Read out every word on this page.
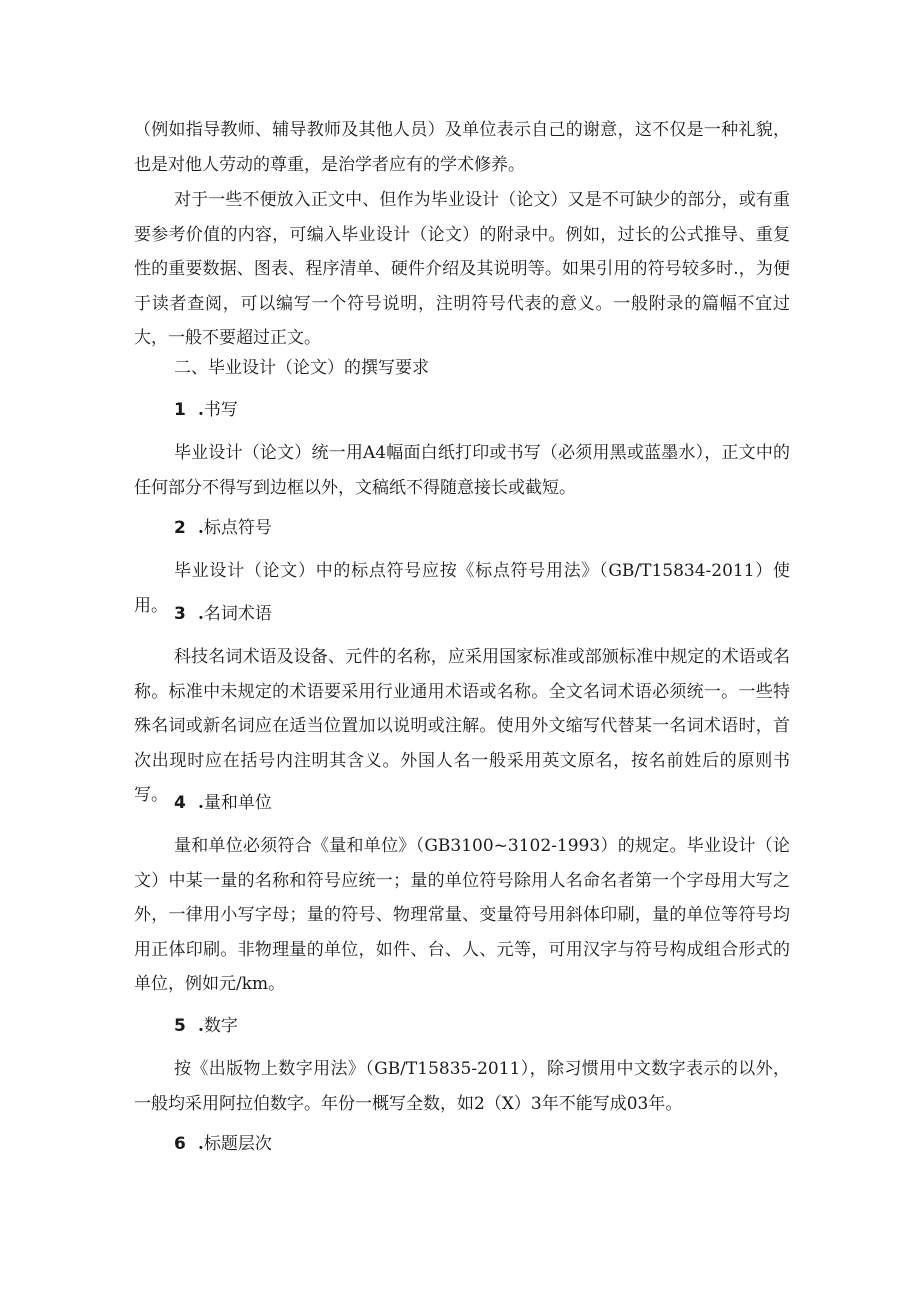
（例如指导教师、辅导教师及其他人员）及单位表示自己的谢意，这不仅是一种礼貌，也是对他人劳动的尊重，是治学者应有的学术修养。

对于一些不便放入正文中、但作为毕业设计（论文）又是不可缺少的部分，或有重要参考价值的内容，可编入毕业设计（论文）的附录中。例如，过长的公式推导、重复性的重要数据、图表、程序清单、硬件介绍及其说明等。如果引用的符号较多时.，为便于读者查阅，可以编写一个符号说明，注明符号代表的意义。一般附录的篇幅不宜过大，一般不要超过正文。

二、毕业设计（论文）的撰写要求
1 .书写

毕业设计（论文）统一用A4幅面白纸打印或书写（必须用黑或蓝墨水），正文中的任何部分不得写到边框以外，文稿纸不得随意接长或截短。

2 .标点符号

毕业设计（论文）中的标点符号应按《标点符号用法》（GB/T15834-2011）使用。 3 .名词术语

科技名词术语及设备、元件的名称，应采用国家标准或部颁标准中规定的术语或名称。标准中未规定的术语要采用行业通用术语或名称。全文名词术语必须统一。一些特殊名词或新名词应在适当位置加以说明或注解。使用外文缩写代替某一名词术语时，首次出现时应在括号内注明其含义。外国人名一般采用英文原名，按名前姓后的原则书写。 4 .量和单位

量和单位必须符合《量和单位》（GB3100~3102-1993）的规定。毕业设计（论文）中某一量的名称和符号应统一；量的单位符号除用人名命名者第一个字母用大写之外，一律用小写字母；量的符号、物理常量、变量符号用斜体印刷，量的单位等符号均用正体印刷。非物理量的单位，如件、台、人、元等，可用汉字与符号构成组合形式的单位，例如元/km。

5 .数字

按《出版物上数字用法》（GB/T15835-2011），除习惯用中文数字表示的以外，一般均采用阿拉伯数字。年份一概写全数，如2（X）3年不能写成03年。

6 .标题层次
